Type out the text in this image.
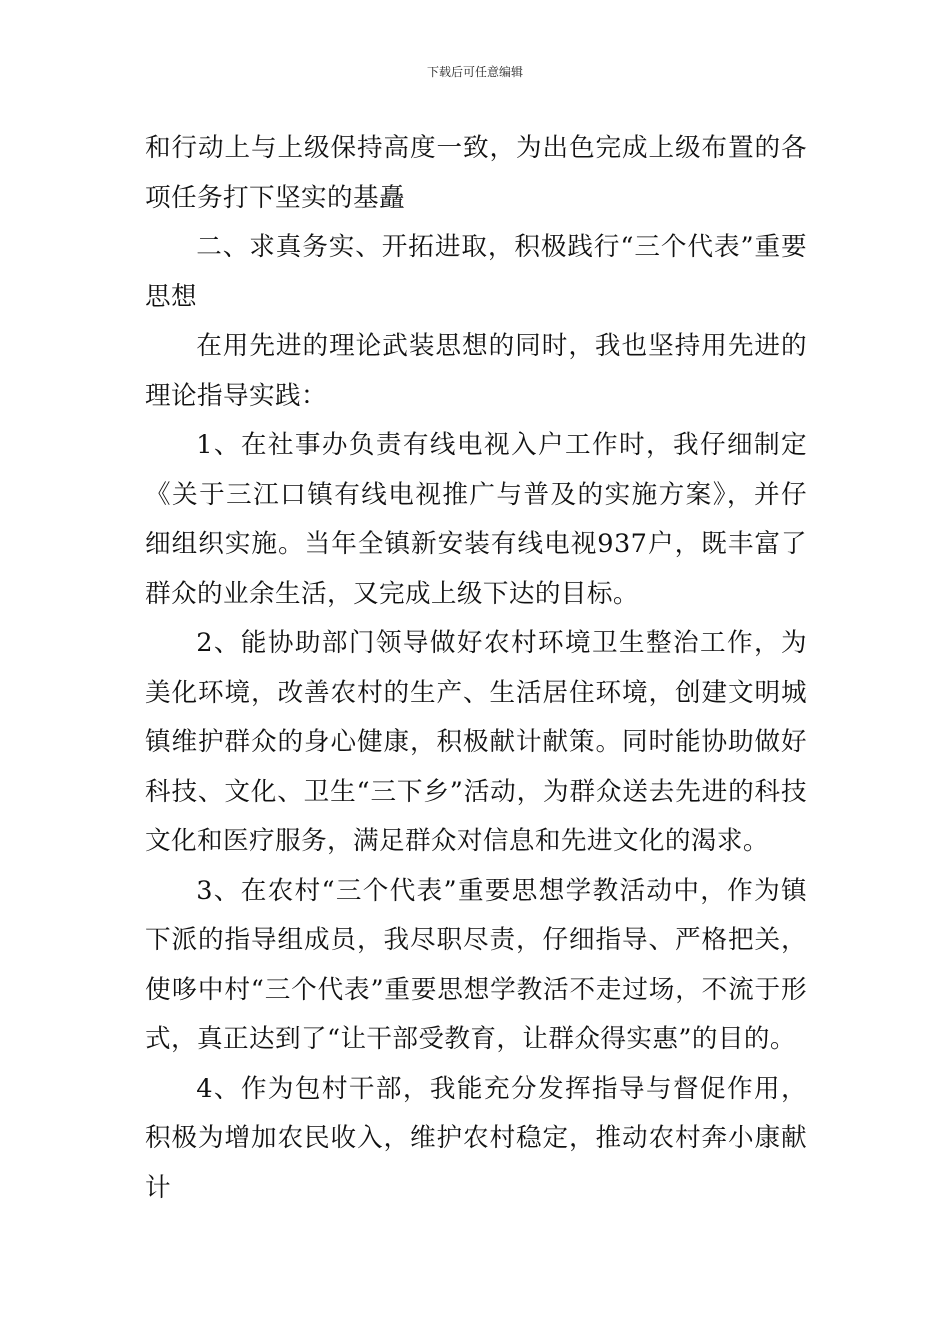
下载后可任意编辑

和行动上与上级保持高度一致，为出色完成上级布置的各项任务打下坚实的基矗

二、求真务实、开拓进取，积极践行“三个代表”重要思想

在用先进的理论武装思想的同时，我也坚持用先进的理论指导实践：

1、在社事办负责有线电视入户工作时，我仔细制定《关于三江口镇有线电视推广与普及的实施方案》，并仔细组织实施。当年全镇新安装有线电视937户，既丰富了群众的业余生活，又完成上级下达的目标。

2、能协助部门领导做好农村环境卫生整治工作，为美化环境，改善农村的生产、生活居住环境，创建文明城镇维护群众的身心健康，积极献计献策。同时能协助做好科技、文化、卫生“三下乡”活动，为群众送去先进的科技文化和医疗服务，满足群众对信息和先进文化的渴求。

3、在农村“三个代表”重要思想学教活动中，作为镇下派的指导组成员，我尽职尽责，仔细指导、严格把关，使哆中村“三个代表”重要思想学教活不走过场，不流于形式，真正达到了“让干部受教育，让群众得实惠”的目的。

4、作为包村干部，我能充分发挥指导与督促作用，积极为增加农民收入，维护农村稳定，推动农村奔小康献计
